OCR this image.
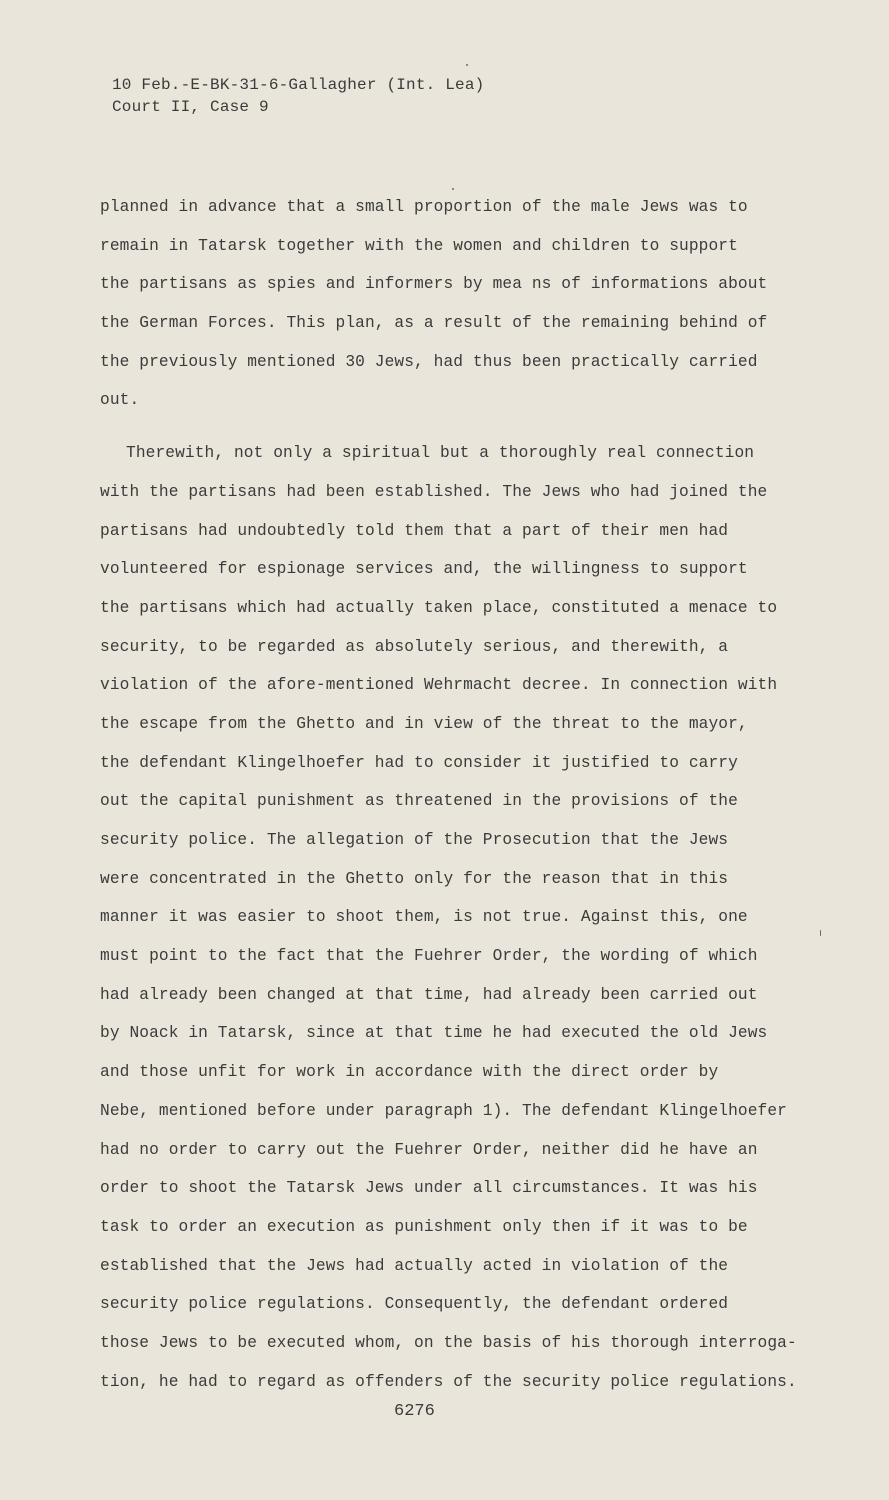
10 Feb.-E-BK-31-6-Gallagher (Int. Lea)
Court II, Case 9
planned in advance that a small proportion of the male Jews was to
remain in Tatarsk together with the women and children to support
the partisans as spies and informers by mea ns of informations about
the German Forces. This plan, as a result of the remaining behind of
the previously mentioned 30 Jews, had thus been practically carried
out.
Therewith, not only a spiritual but a thoroughly real connection
with the partisans had been established. The Jews who had joined the
partisans had undoubtedly told them that a part of their men had
volunteered for espionage services and, the willingness to support
the partisans which had actually taken place, constituted a menace to
security, to be regarded as absolutely serious, and therewith, a
violation of the afore-mentioned Wehrmacht decree. In connection with
the escape from the Ghetto and in view of the threat to the mayor,
the defendant Klingelhoefer had to consider it justified to carry
out the capital punishment as threatened in the provisions of the
security police. The allegation of the Prosecution that the Jews
were concentrated in the Ghetto only for the reason that in this
manner it was easier to shoot them, is not true. Against this, one
must point to the fact that the Fuehrer Order, the wording of which
had already been changed at that time, had already been carried out
by Noack in Tatarsk, since at that time he had executed the old Jews
and those unfit for work in accordance with the direct order by
Nebe, mentioned before under paragraph 1). The defendant Klingelhoefer
had no order to carry out the Fuehrer Order, neither did he have an
order to shoot the Tatarsk Jews under all circumstances. It was his
task to order an execution as punishment only then if it was to be
established that the Jews had actually acted in violation of the
security police regulations. Consequently, the defendant ordered
those Jews to be executed whom, on the basis of his thorough interroga-
tion, he had to regard as offenders of the security police regulations.
6276
